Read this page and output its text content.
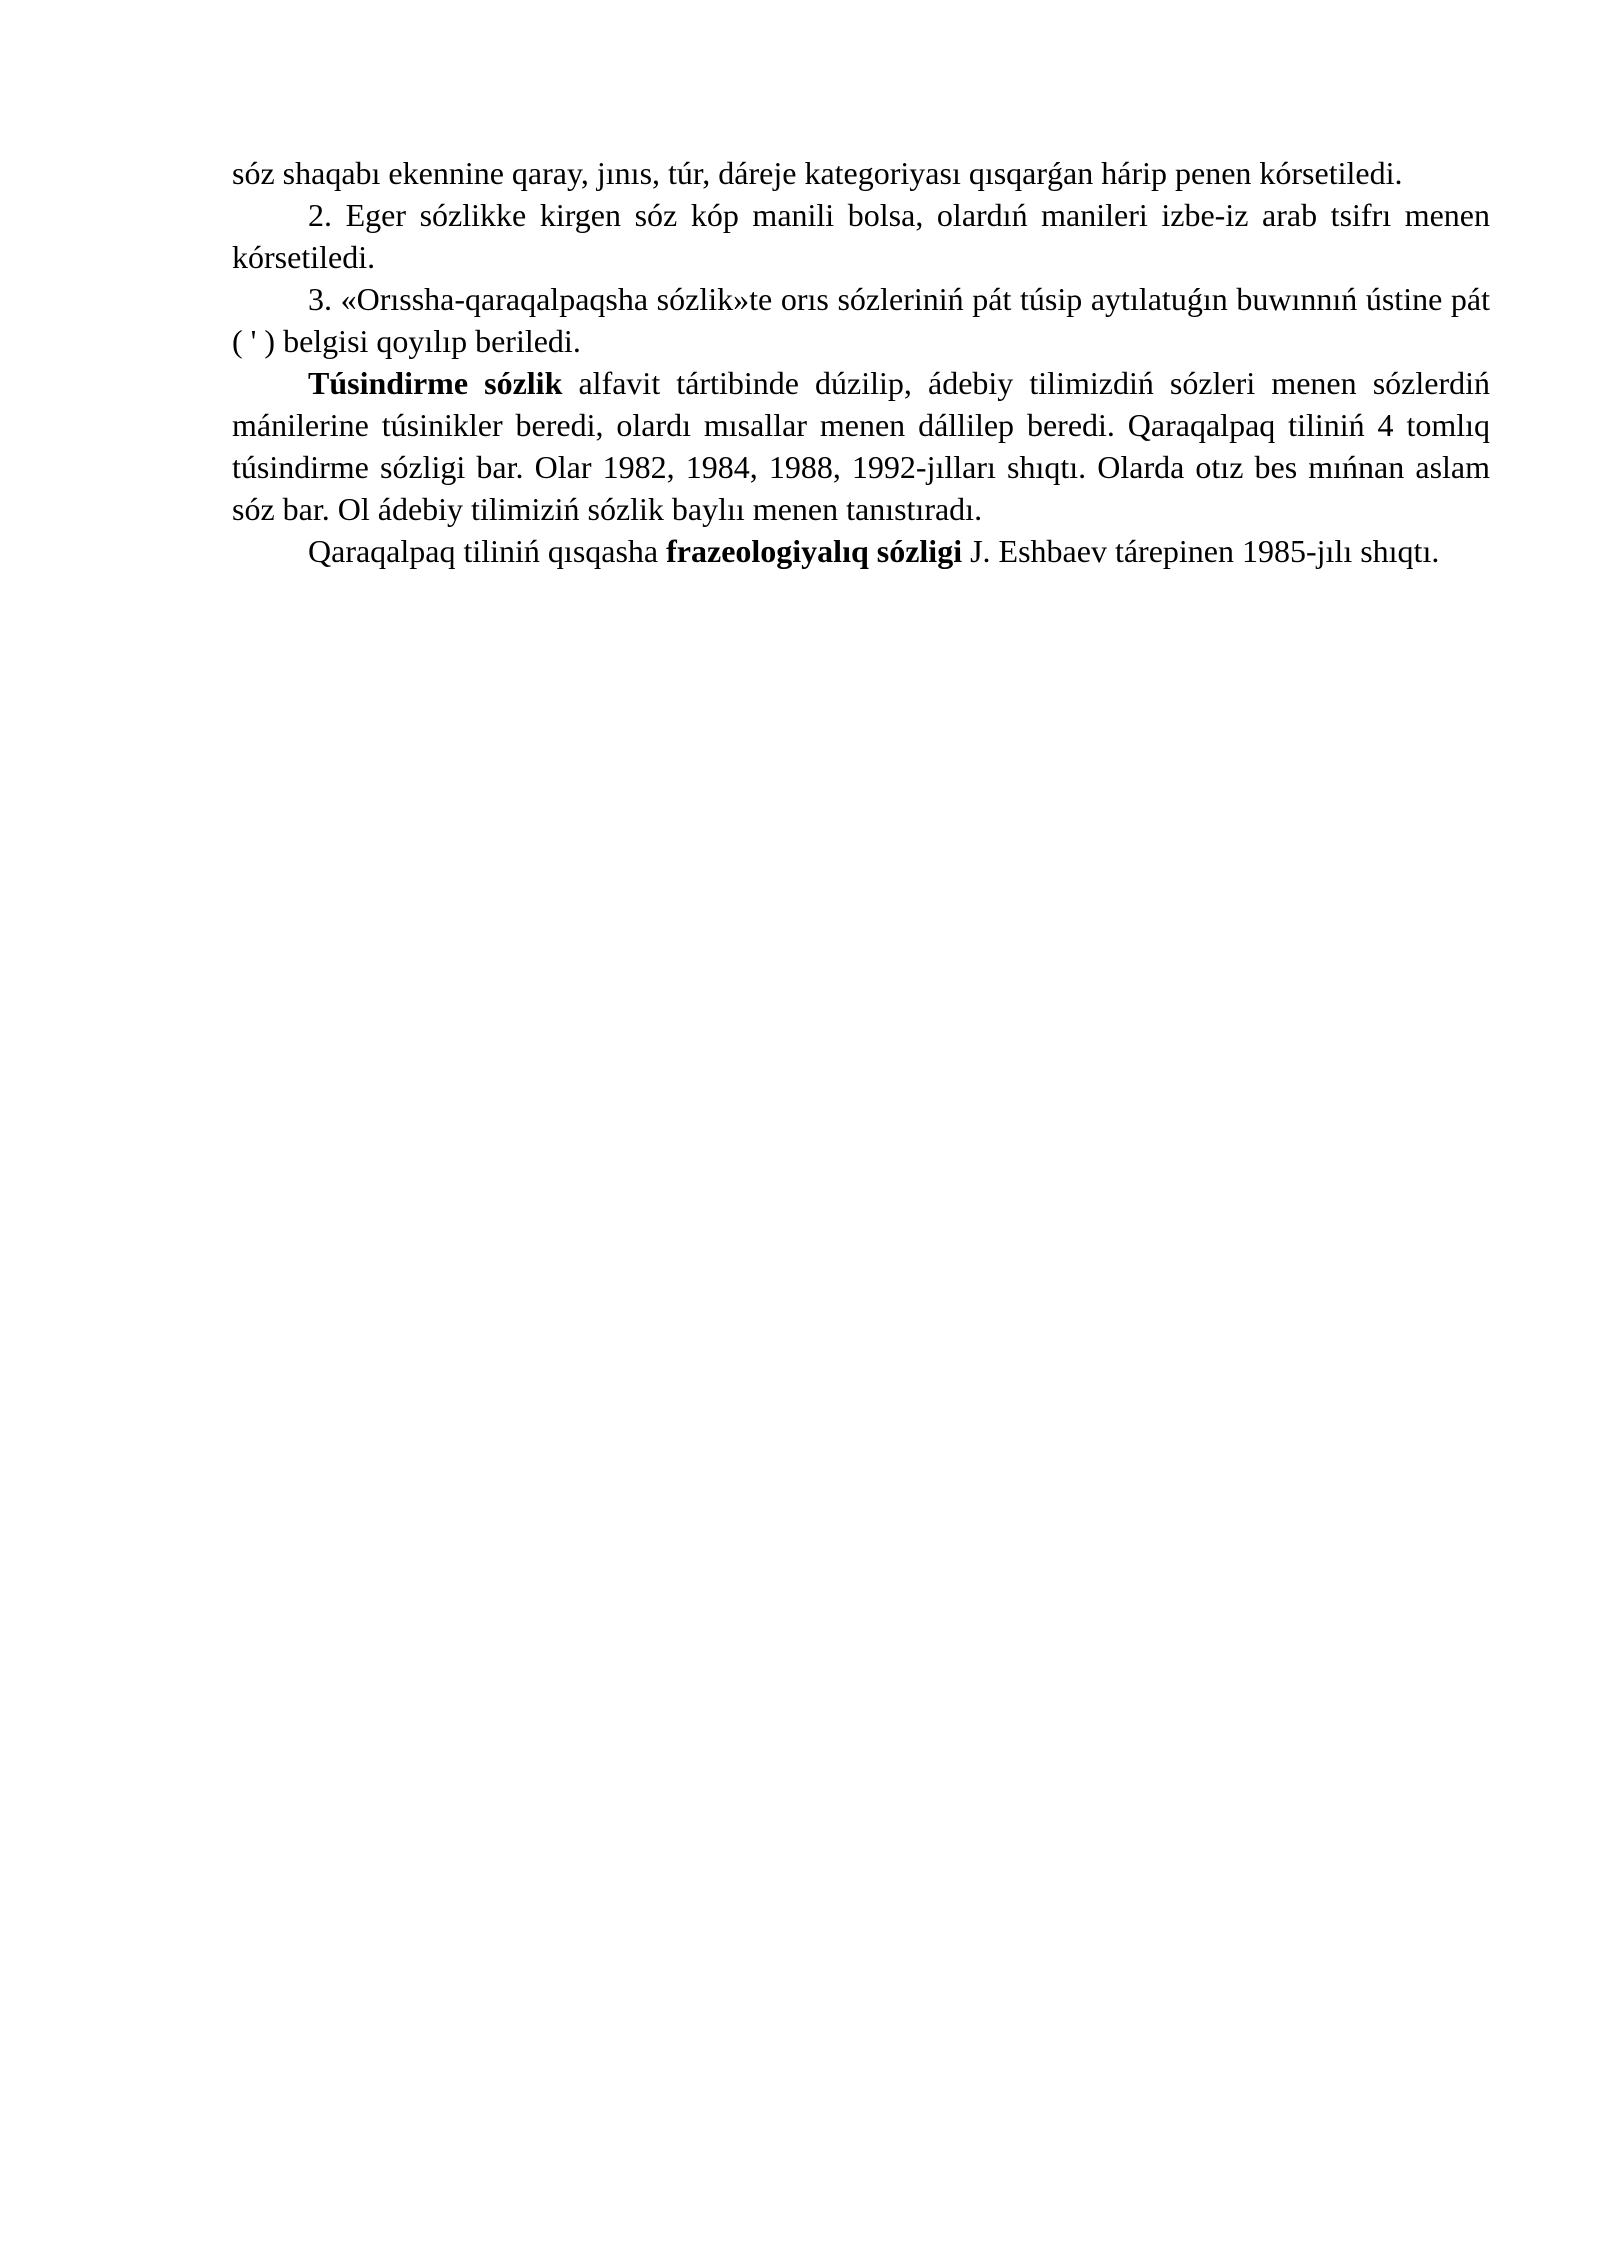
sóz shaqabı ekennine qaray, jınıs, túr, dáreje kategoriyası qısqarǵan hárip penen kórsetiledi.

2. Eger sózlikke kirgen sóz kóp manili bolsa, olardıń manileri izbe-iz arab tsifrı menen kórsetiledi.

3. «Orıssha-qaraqalpaqsha sózlik»te orıs sózleriniń pát túsip aytılatuǵın buwınnıń ústine pát ( ' ) belgisi qoyılıp beriledi.

Túsindirme sózlik alfavit tártibinde dúzilip, ádebiy tilimizdiń sózleri menen sózlerdiń mánilerine túsinikler beredi, olardı mısallar menen dállilep beredi. Qaraqalpaq tiliniń 4 tomlıq túsindirme sózligi bar. Olar 1982, 1984, 1988, 1992-jılları shıqtı. Olarda otız bes mıńnan aslam sóz bar. Ol ádebiy tilimiziń sózlik baylıı menen tanıstıradı.

Qaraqalpaq tiliniń qısqasha frazeologiyalıq sózligi J. Eshbaev tárepinen 1985-jılı shıqtı.
